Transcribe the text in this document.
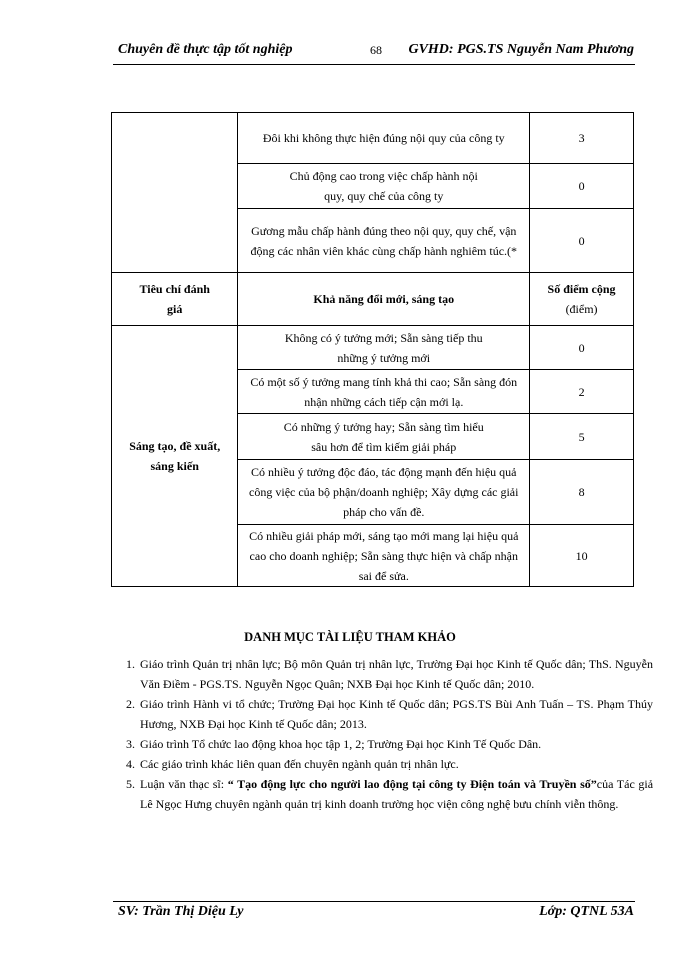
Chuyên đề thực tập tốt nghiệp	68 GVHD: PGS.TS Nguyễn Nam Phương
	Đôi khi không thực hiện đúng nội quy của công ty	3
	Chủ động cao trong việc chấp hành nội quy, quy chế của công ty	0
	Gương mẫu chấp hành đúng theo nội quy, quy chế, vận động các nhân viên khác cùng chấp hành nghiêm túc.(*	0
Tiêu chí đánh giá	Khả năng đổi mới, sáng tạo	Số điểm cộng
(điểm)

Sáng tạo, đề xuất, sáng kiến	Không có ý tưởng mới; Sẵn sàng tiếp thu những ý tưởng mới	0
	Có một số ý tưởng mang tính khả thi cao; Sẵn sàng đón nhận những cách tiếp cận mới lạ.	2
	Có những ý tưởng hay; Sẵn sàng tìm hiểu sâu hơn để tìm kiếm giải pháp	5
	Có nhiều ý tưởng độc đáo, tác động mạnh đến hiệu quả công việc của bộ phận/doanh nghiệp; Xây dựng các giải pháp cho vấn đề.	8
	Có nhiều giải pháp mới, sáng tạo mới mang lại hiệu quả cao cho doanh nghiệp; Sẵn sàng thực hiện và chấp nhận sai để sửa.	10
DANH MỤC TÀI LIỆU THAM KHẢO
1. Giáo trình Quản trị nhân lực; Bộ môn Quản trị nhân lực, Trường Đại học Kinh tế Quốc dân; ThS. Nguyễn Văn Điềm - PGS.TS. Nguyễn Ngọc Quân; NXB Đại học Kinh tế Quốc dân; 2010.
2. Giáo trình Hành vi tổ chức; Trường Đại học Kinh tế Quốc dân; PGS.TS Bùi Anh Tuấn – TS. Phạm Thúy Hương, NXB Đại học Kinh tế Quốc dân; 2013.
3. Giáo trình Tổ chức lao động khoa học tập 1, 2; Trường Đại học Kinh Tế Quốc Dân.
4. Các giáo trình khác liên quan đến chuyên ngành quản trị nhân lực.
5. Luận văn thạc sĩ: “ Tạo động lực cho người lao động tại công ty Điện toán và Truyền số”của Tác giả Lê Ngọc Hưng chuyên ngành quản trị kinh doanh trường học viện công nghệ bưu chính viễn thông.
SV: Trần Thị Diệu Ly	Lớp: QTNL 53A
